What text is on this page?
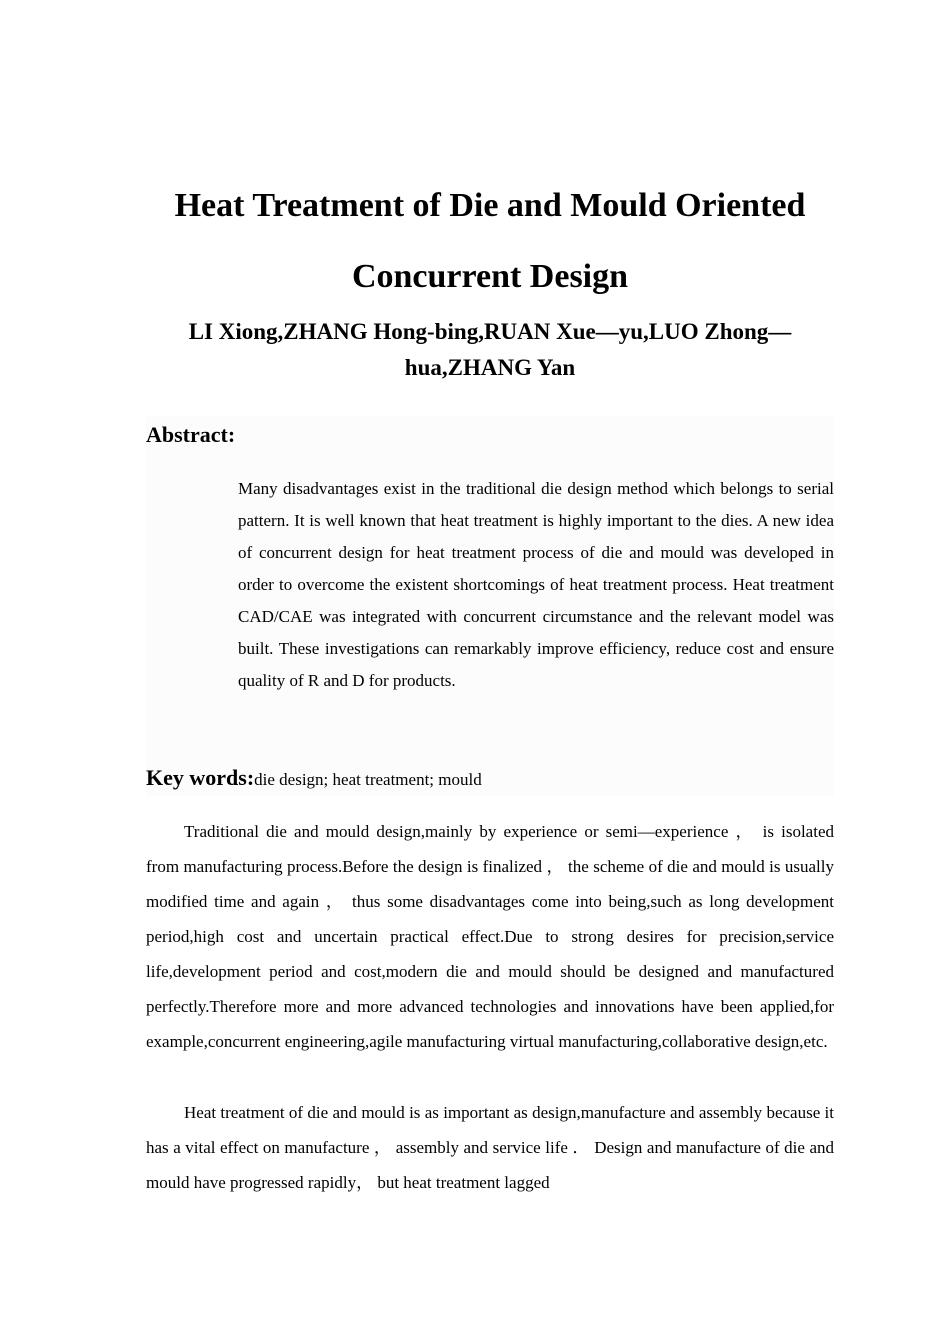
Heat Treatment of Die and Mould Oriented
Concurrent Design

LI Xiong,ZHANG Hong-bing,RUAN Xue—yu,LUO Zhong—hua,ZHANG Yan

Abstract:

Many disadvantages exist in the traditional die design method which belongs to serial pattern. It is well known that heat treatment is highly important to the dies. A new idea of concurrent design for heat treatment process of die and mould was developed in order to overcome the existent shortcomings of heat treatment process. Heat treatment CAD/CAE was integrated with concurrent circumstance and the relevant model was built. These investigations can remarkably improve efficiency, reduce cost and ensure quality of R and D for products.

Key words:die design; heat treatment; mould

Traditional die and mould design,mainly by experience or semi—experience ， is isolated from manufacturing process.Before the design is finalized ， the scheme of die and mould is usually modified time and again ， thus some disadvantages come into being,such as long development period,high cost and uncertain practical effect.Due to strong desires for precision,service life,development period and cost,modern die and mould should be designed and manufactured perfectly.Therefore more and more advanced technologies and innovations have been applied,for example,concurrent engineering,agile manufacturing virtual manufacturing,collaborative design,etc.

Heat treatment of die and mould is as important as design,manufacture and assembly because it has a vital effect on manufacture ， assembly and service life ． Design and manufacture of die and mould have progressed rapidly， but heat treatment lagged
